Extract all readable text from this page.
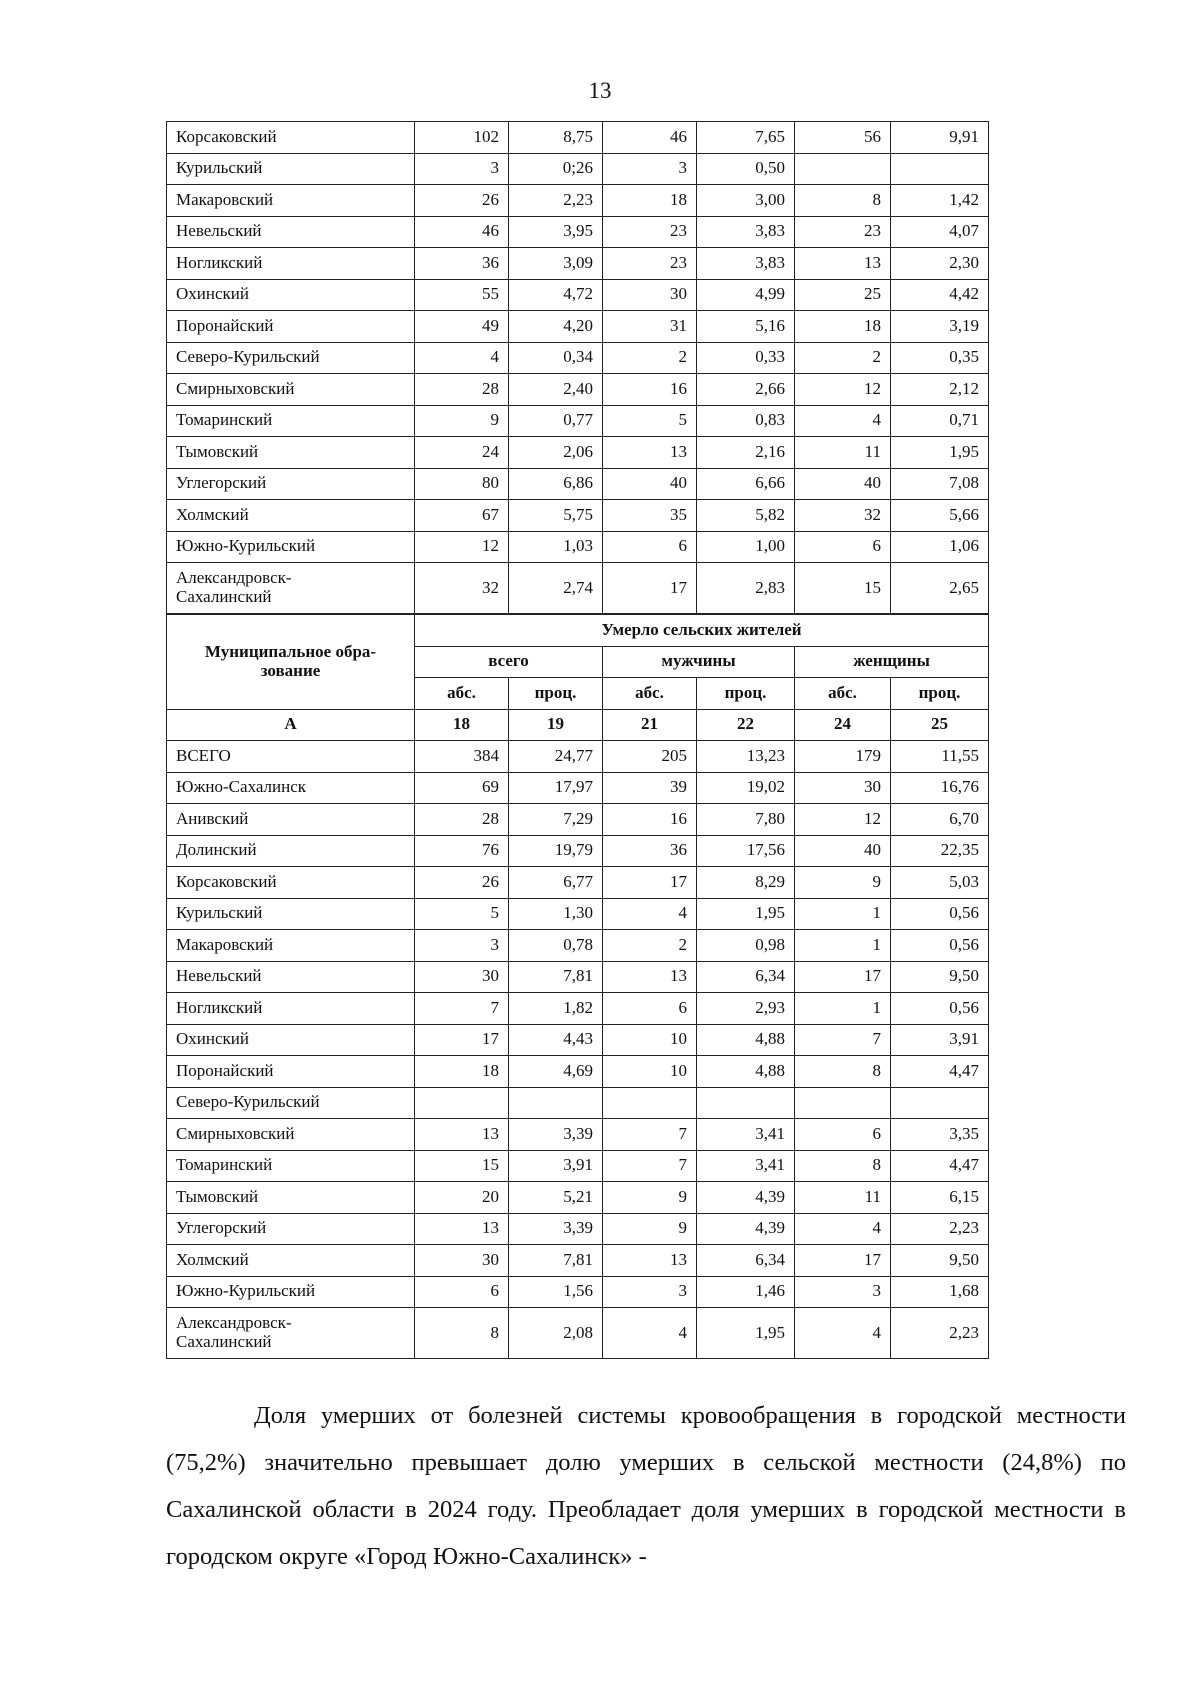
13
Корсаковский	102	8,75	46	7,65	56	9,91
Курильский	3	0;26	3	0,50		
Макаровский	26	2,23	18	3,00	8	1,42
Невельский	46	3,95	23	3,83	23	4,07
Ногликский	36	3,09	23	3,83	13	2,30
Охинский	55	4,72	30	4,99	25	4,42
Поронайский	49	4,20	31	5,16	18	3,19
Северо-Курильский	4	0,34	2	0,33	2	0,35
Смирныховский	28	2,40	16	2,66	12	2,12
Томаринский	9	0,77	5	0,83	4	0,71
Тымовский	24	2,06	13	2,16	11	1,95
Углегорский	80	6,86	40	6,66	40	7,08
Холмский	67	5,75	35	5,82	32	5,66
Южно-Курильский	12	1,03	6	1,00	6	1,06

Александровск-
Сахалинский	32	2,74	17	2,83	15	2,65
Муниципальное обра-зование	Умерло сельских жителей					
	всего		мужчины		женщины	
	абс.	проц.	абс.	проц.	абс.	проц.
А	18	19	21	22	24	25
ВСЕГО	384	24,77	205	13,23	179	11,55
Южно-Сахалинск	69	17,97	39	19,02	30	16,76
Анивский	28	7,29	16	7,80	12	6,70
Долинский	76	19,79	36	17,56	40	22,35
Корсаковский	26	6,77	17	8,29	9	5,03
Курильский	5	1,30	4	1,95	1	0,56
Макаровский	3	0,78	2	0,98	1	0,56
Невельский	30	7,81	13	6,34	17	9,50
Ногликский	7	1,82	6	2,93	1	0,56
Охинский	17	4,43	10	4,88	7	3,91
Поронайский	18	4,69	10	4,88	8	4,47
Северо-Курильский						
Смирныховский	13	3,39	7	3,41	6	3,35
Томаринский	15	3,91	7	3,41	8	4,47
Тымовский	20	5,21	9	4,39	11	6,15
Углегорский	13	3,39	9	4,39	4	2,23
Холмский	30	7,81	13	6,34	17	9,50
Южно-Курильский	6	1,56	3	1,46	3	1,68

Александровск-
Сахалинский	8	2,08	4	1,95	4	2,23

Доля умерших от болезней системы кровообращения в городской местности (75,2%) значительно превышает долю умерших в сельской местности (24,8%) по Сахалинской области в 2024 году. Преобладает доля умерших в городской местности в городском округе «Город Южно-Сахалинск» -
